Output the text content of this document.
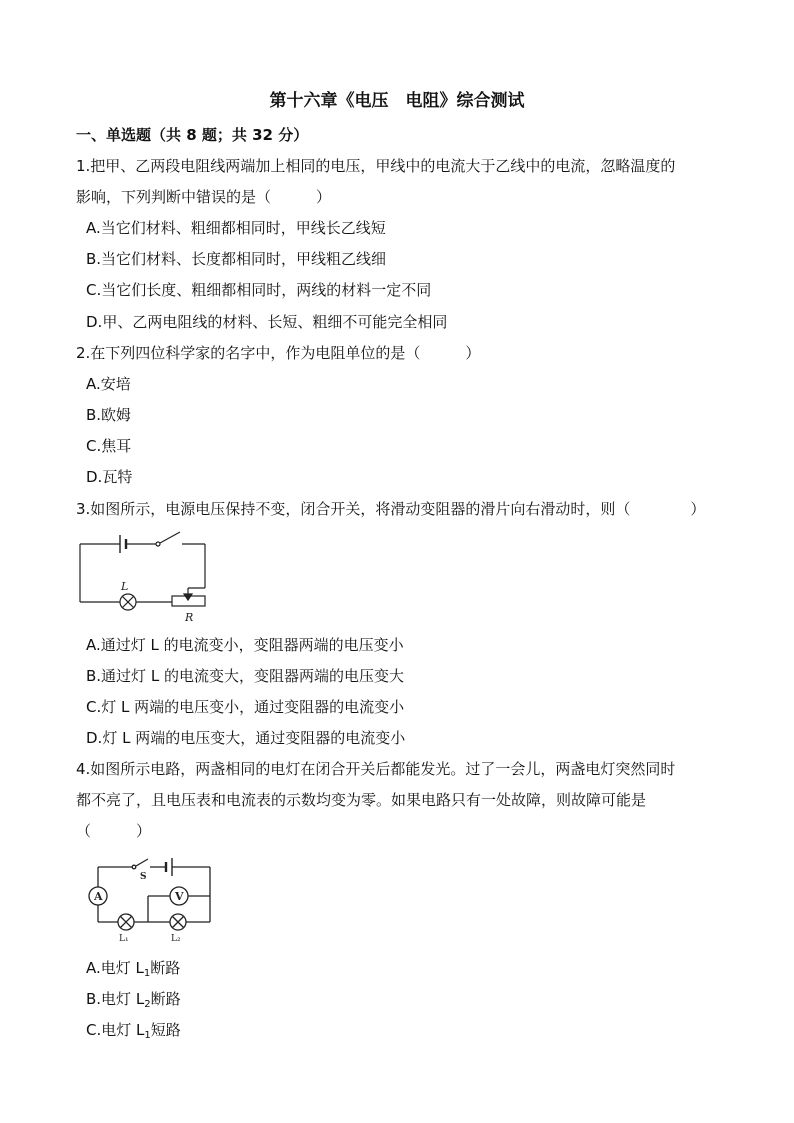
第十六章《电压　电阻》综合测试
一、单选题（共 8 题；共 32 分）
1.把甲、乙两段电阻线两端加上相同的电压，甲线中的电流大于乙线中的电流，忽略温度的
影响，下列判断中错误的是（　　　）
A.当它们材料、粗细都相同时，甲线长乙线短
B.当它们材料、长度都相同时，甲线粗乙线细
C.当它们长度、粗细都相同时，两线的材料一定不同
D.甲、乙两电阻线的材料、长短、粗细不可能完全相同
2.在下列四位科学家的名字中，作为电阻单位的是（　　　）
A.安培
B.欧姆
C.焦耳
D.瓦特
3.如图所示，电源电压保持不变，闭合开关，将滑动变阻器的滑片向右滑动时，则（　　　　）
L
R
A.通过灯 L 的电流变小，变阻器两端的电压变小
B.通过灯 L 的电流变大，变阻器两端的电压变大
C.灯 L 两端的电压变小，通过变阻器的电流变小
D.灯 L 两端的电压变大，通过变阻器的电流变小
4.如图所示电路，两盏相同的电灯在闭合开关后都能发光。过了一会儿，两盏电灯突然同时
都不亮了，且电压表和电流表的示数均变为零。如果电路只有一处故障，则故障可能是
（　　　）
S
A	V
L₁	L₂
A.电灯 $L_1$断路
B.电灯 $L_2$断路
C.电灯 $L_1$短路
